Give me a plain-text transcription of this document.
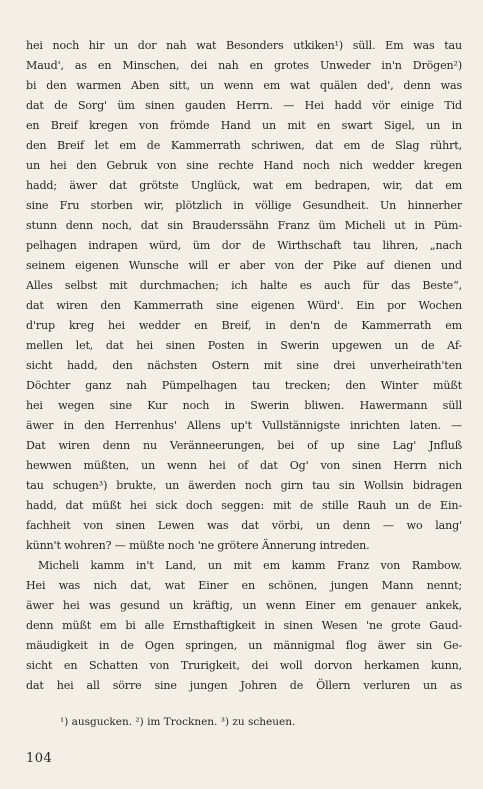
hei noch hir un dor nah wat Besonders utkiken¹) süll. Em was tau
Maud', as en Minschen, dei nah en grotes Unweder in'n Drögen²)
bi den warmen Aben sitt, un wenn em wat quälen ded', denn was
dat de Sorg' üm sinen gauden Herrn. — Hei hadd vör einige Tid
en Breif kregen von frömde Hand un mit en swart Sigel, un in
den Breif let em de Kammerrath schriwen, dat em de Slag rührt,
un hei den Gebruk von sine rechte Hand noch nich wedder kregen
hadd; äwer dat grötste Unglück, wat em bedrapen, wir, dat em
sine Fru storben wir, plötzlich in völlige Gesundheit. Un hinnerher
stunn denn noch, dat sin Brauderssähn Franz üm Micheli ut in Püm-
pelhagen indrapen würd, üm dor de Wirthschaft tau lihren, „nach
seinem eigenen Wunsche will er aber von der Pike auf dienen und
Alles selbst mit durchmachen; ich halte es auch für das Beste“,
dat wiren den Kammerrath sine eigenen Würd'. Ein por Wochen
d'rup kreg hei wedder en Breif, in den'n de Kammerrath em
mellen let, dat hei sinen Posten in Swerin upgewen un de Af-
sicht hadd, den nächsten Ostern mit sine drei unverheirath'ten
Döchter ganz nah Pümpelhagen tau trecken; den Winter müßt
hei wegen sine Kur noch in Swerin bliwen. Hawermann süll
äwer in den Herrenhus' Allens up't Vullstännigste inrichten laten. —
Dat wiren denn nu Veränneerungen, bei of up sine Lag' Jnfluß
hewwen müßten, un wenn hei of dat Og' von sinen Herrn nich
tau schugen³) brukte, un äwerden noch girn tau sin Wollsin bidragen
hadd, dat müßt hei sick doch seggen: mit de stille Rauh un de Ein-
fachheit von sinen Lewen was dat vörbi, un denn — wo lang'
künn't wohren? — müßte noch 'ne grötere Ännerung intreden.
Micheli kamm in't Land, un mit em kamm Franz von Rambow.
Hei was nich dat, wat Einer en schönen, jungen Mann nennt;
äwer hei was gesund un kräftig, un wenn Einer em genauer ankek,
denn müßt em bi alle Ernsthaftigkeit in sinen Wesen 'ne grote Gaud-
mäudigkeit in de Ogen springen, un männigmal flog äwer sin Ge-
sicht en Schatten von Trurigkeit, dei woll dorvon herkamen kunn,
dat hei all sörre sine jungen Johren de Öllern verluren un as
¹) ausgucken. ²) im Trocknen. ³) zu scheuen.
104
